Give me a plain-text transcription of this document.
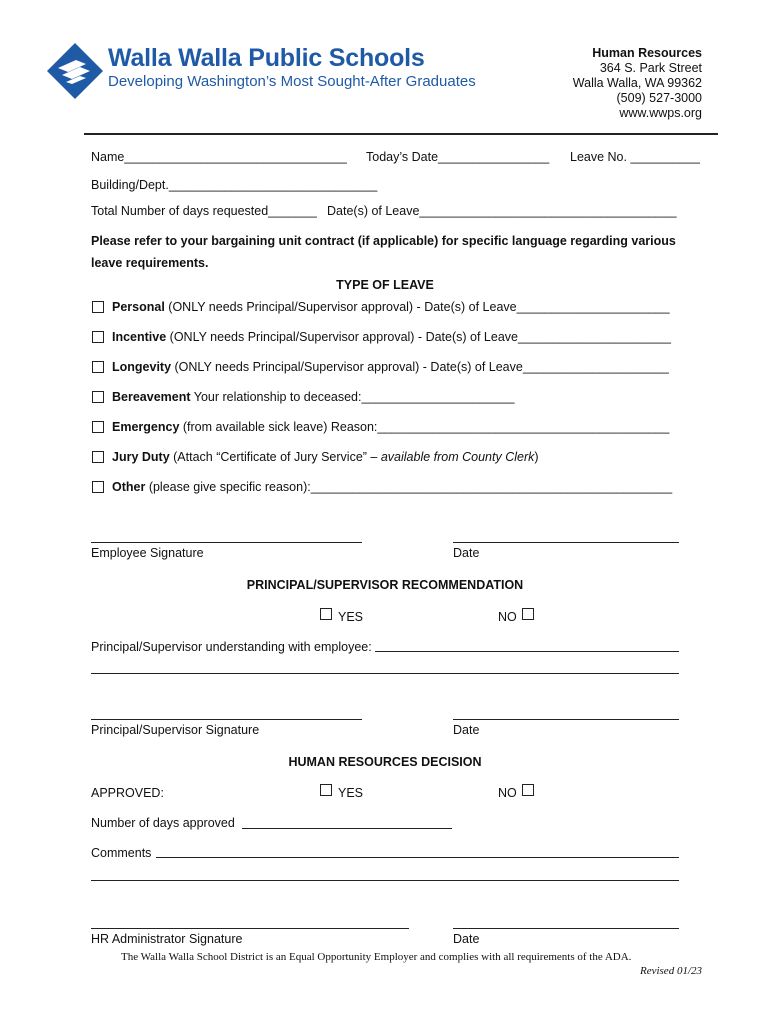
Walla Walla Public Schools
Developing Washington’s Most Sought-After Graduates
Human Resources
364 S. Park Street
Walla Walla, WA 99362
(509) 527-3000
www.wwps.org
Name________________________________ Today’s Date________________ Leave No. __________
Building/Dept.______________________________
Total Number of days requested_______ Date(s) of Leave_____________________________________
Please refer to your bargaining unit contract (if applicable) for specific language regarding various
leave requirements.
TYPE OF LEAVE
Personal (ONLY needs Principal/Supervisor approval) - Date(s) of Leave______________________
Incentive (ONLY needs Principal/Supervisor approval) - Date(s) of Leave______________________
Longevity (ONLY needs Principal/Supervisor approval) - Date(s) of Leave_____________________
Bereavement Your relationship to deceased:______________________
Emergency (from available sick leave) Reason:__________________________________________
Jury Duty (Attach “Certificate of Jury Service” – available from County Clerk)
Other (please give specific reason):____________________________________________________
Employee Signature	Date
PRINCIPAL/SUPERVISOR RECOMMENDATION
YES	NO
Principal/Supervisor understanding with employee:
Principal/Supervisor Signature	Date
HUMAN RESOURCES DECISION
APPROVED:	YES	NO
Number of days approved
Comments
HR Administrator Signature	Date
The Walla Walla School District is an Equal Opportunity Employer and complies with all requirements of the ADA.
Revised 01/23
